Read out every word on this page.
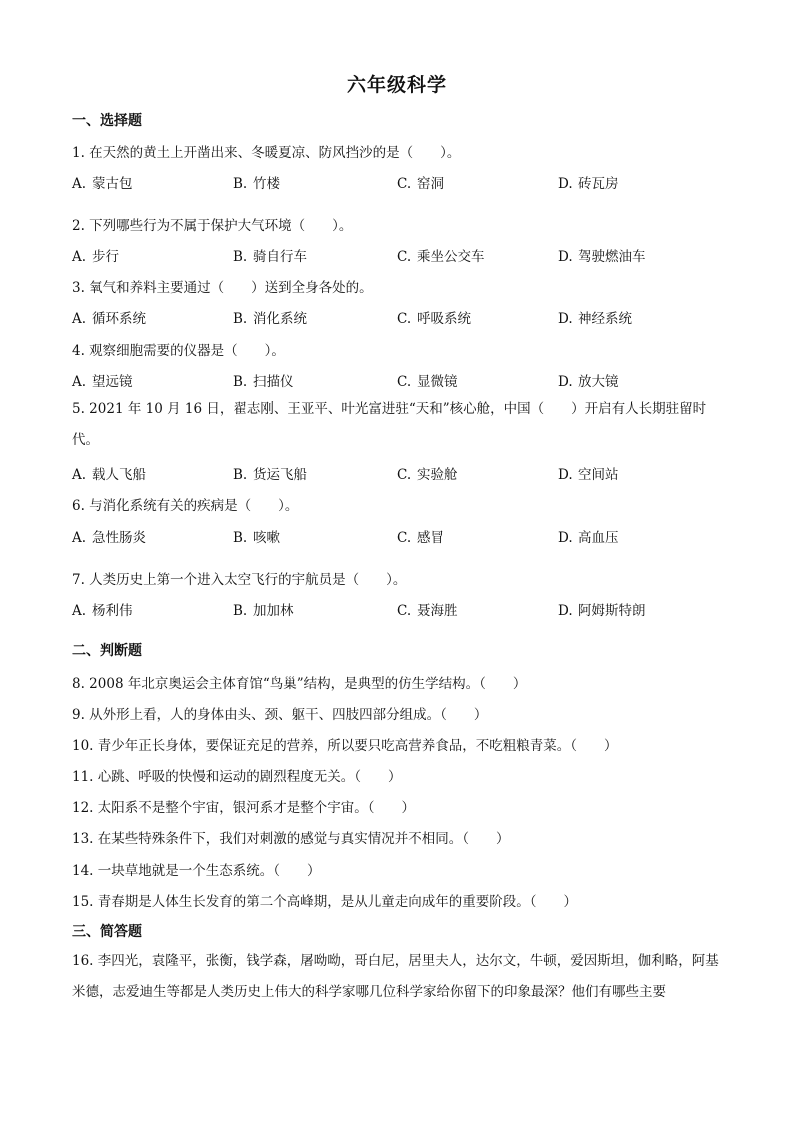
六年级科学
一、选择题
1. 在天然的黄土上开凿出来、冬暖夏凉、防风挡沙的是（　　）。
A. 蒙古包	B. 竹楼	C. 窑洞	D. 砖瓦房
2. 下列哪些行为不属于保护大气环境（　　）。
A. 步行	B. 骑自行车	C. 乘坐公交车	D. 驾驶燃油车
3. 氧气和养料主要通过（　　）送到全身各处的。
A. 循环系统	B. 消化系统	C. 呼吸系统	D. 神经系统
4. 观察细胞需要的仪器是（　　）。
A. 望远镜	B. 扫描仪	C. 显微镜	D. 放大镜
5. 2021 年 10 月 16 日，翟志刚、王亚平、叶光富进驻“天和”核心舱，中国（　　）开启有人长期驻留时代。
A. 载人飞船	B. 货运飞船	C. 实验舱	D. 空间站
6. 与消化系统有关的疾病是（　　）。
A. 急性肠炎	B. 咳嗽	C. 感冒	D. 高血压
7. 人类历史上第一个进入太空飞行的宇航员是（　　）。
A. 杨利伟	B. 加加林	C. 聂海胜	D. 阿姆斯特朗
二、判断题
8. 2008 年北京奥运会主体育馆“鸟巢”结构，是典型的仿生学结构。（　　）
9. 从外形上看，人的身体由头、颈、躯干、四肢四部分组成。（　　）
10. 青少年正长身体，要保证充足的营养，所以要只吃高营养食品，不吃粗粮青菜。（　　）
11. 心跳、呼吸的快慢和运动的剧烈程度无关。（　　）
12. 太阳系不是整个宇宙，银河系才是整个宇宙。（　　）
13. 在某些特殊条件下，我们对刺激的感觉与真实情况并不相同。（　　）
14. 一块草地就是一个生态系统。（　　）
15. 青春期是人体生长发育的第二个高峰期，是从儿童走向成年的重要阶段。（　　）
三、简答题
16. 李四光，袁隆平，张衡，钱学森，屠呦呦，哥白尼，居里夫人，达尔文，牛顿，爱因斯坦，伽利略，阿基米德，志爱迪生等都是人类历史上伟大的科学家哪几位科学家给你留下的印象最深？他们有哪些主要
